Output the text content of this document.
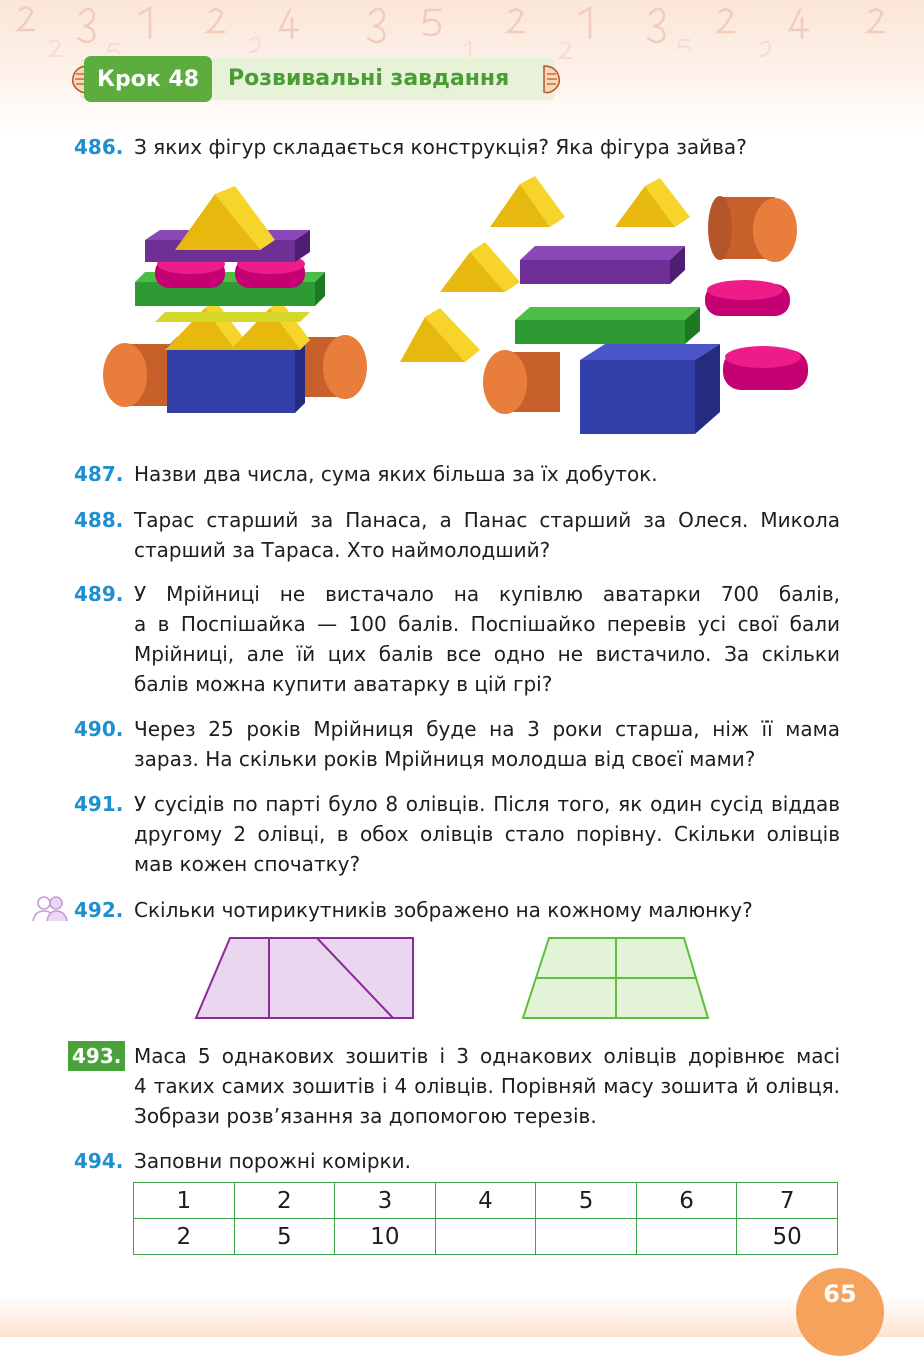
Крок 48	Розвивальні завдання
486. З яких фігур складається конструкція? Яка фігура зайва?
487. Назви два числа, сума яких більша за їх добуток.
488. Тарас старший за Панаса, а Панас старший за Олеся. Микола
старший за Тараса. Хто наймолодший?
489. У Мрійниці не вистачало на купівлю аватарки 700 балів,
а в Поспішайка — 100 балів. Поспішайко перевів усі свої бали
Мрійниці, але їй цих балів все одно не вистачило. За скільки
балів можна купити аватарку в цій грі?
490. Через 25 років Мрійниця буде на 3 роки старша, ніж її мама
зараз. На скільки років Мрійниця молодша від своєї мами?
491. У сусідів по парті було 8 олівців. Після того, як один сусід віддав
другому 2 олівці, в обох олівців стало порівну. Скільки олівців
мав кожен спочатку?
492. Скільки чотирикутників зображено на кожному малюнку?
493. Маса 5 однакових зошитів і 3 однакових олівців дорівнює масі
4 таких самих зошитів і 4 олівців. Порівняй масу зошита й олівця.
Зобрази розв’язання за допомогою терезів.
494. Заповни порожні комірки.
1	2	3	4	5	6	7
2	5	10				50
65
